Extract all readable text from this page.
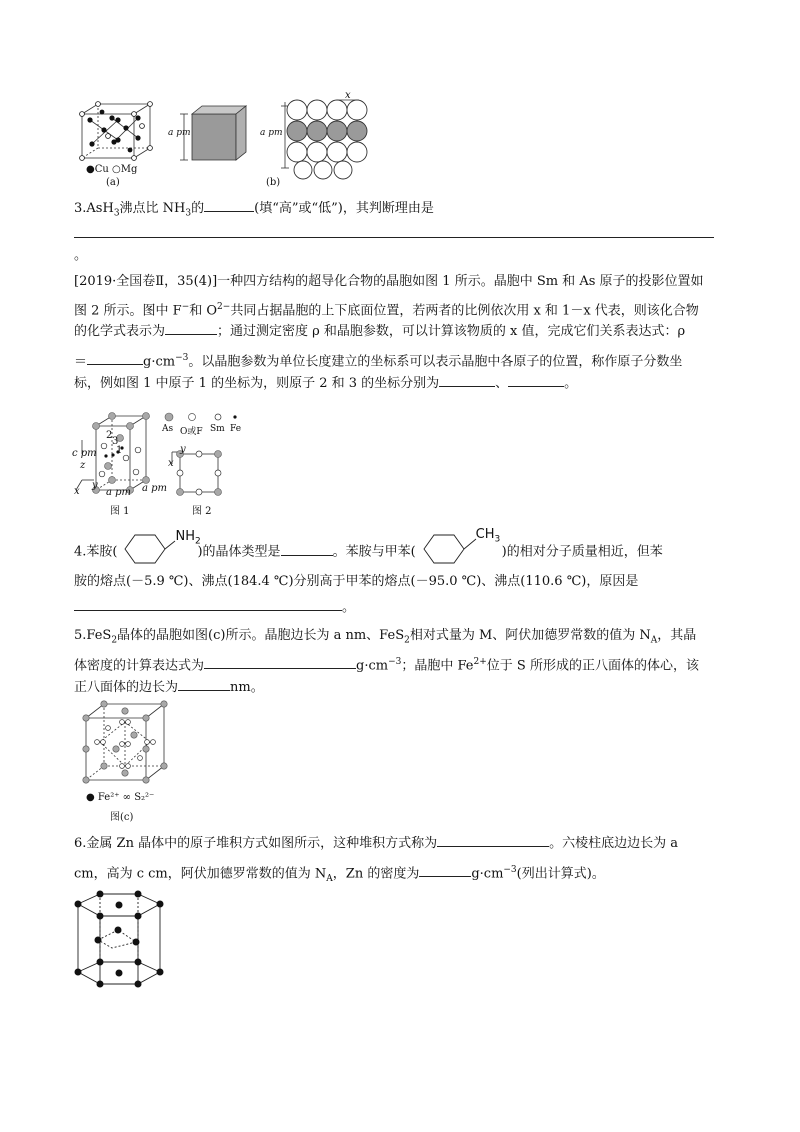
●Cu ○Mg
(a)
a pm	a pm
x
(b)
3.AsH$_3$沸点比 $NH_3$的	(填“高”或“低”)，其判断理由是
。
[2019·全国卷Ⅱ，35(4)]一种四方结构的超导化合物的晶胞如图 1 所示。晶胞中 Sm 和 As 原子的投影位置如
图 2 所示。图中 F−和 $O^{2-}$共同占据晶胞的上下底面位置，若两者的比例依次用 x 和 1－x 代表，则该化合物
的化学式表示为	；通过测定密度 ρ 和晶胞参数，可以计算该物质的 x 值，完成它们关系表达式：ρ
＝	$g\cdot cm^{-3}$。以晶胞参数为单位长度建立的坐标系可以表示晶胞中各原子的位置，称作原子分数坐
标，例如图 1 中原子 1 的坐标为，则原子 2 和 3 的坐标分别为	、	。
c pm
z
x
y
a pm a pm
1
2
3
图 1
As O或F Sm Fe
y
x
图 2
4.苯胺(
$NH_2$
)的晶体类型是	。苯胺与甲苯(
$CH_3$
)的相对分子质量相近，但苯
胺的熔点(－5.9 ℃)、沸点(184.4 ℃)分别高于甲苯的熔点(－95.0 ℃)、沸点(110.6 ℃)，原因是
。
5.FeS$_2$晶体的晶胞如图(c)所示。晶胞边长为 a nm、FeS$_2$相对式量为 M、阿伏加德罗常数的值为 $N_A$，其晶
体密度的计算表达式为	$g\cdot cm^{-3}$；晶胞中 $Fe^{2+}$位于 S 所形成的正八面体的体心，该
正八面体的边长为	nm。
● Fe²⁺ ∞ S₂²⁻
图(c)
6.金属 Zn 晶体中的原子堆积方式如图所示，这种堆积方式称为	。六棱柱底边边长为 a
cm，高为 c cm，阿伏加德罗常数的值为 $N_A$，Zn 的密度为	$g\cdot cm^{-3}$(列出计算式)。
